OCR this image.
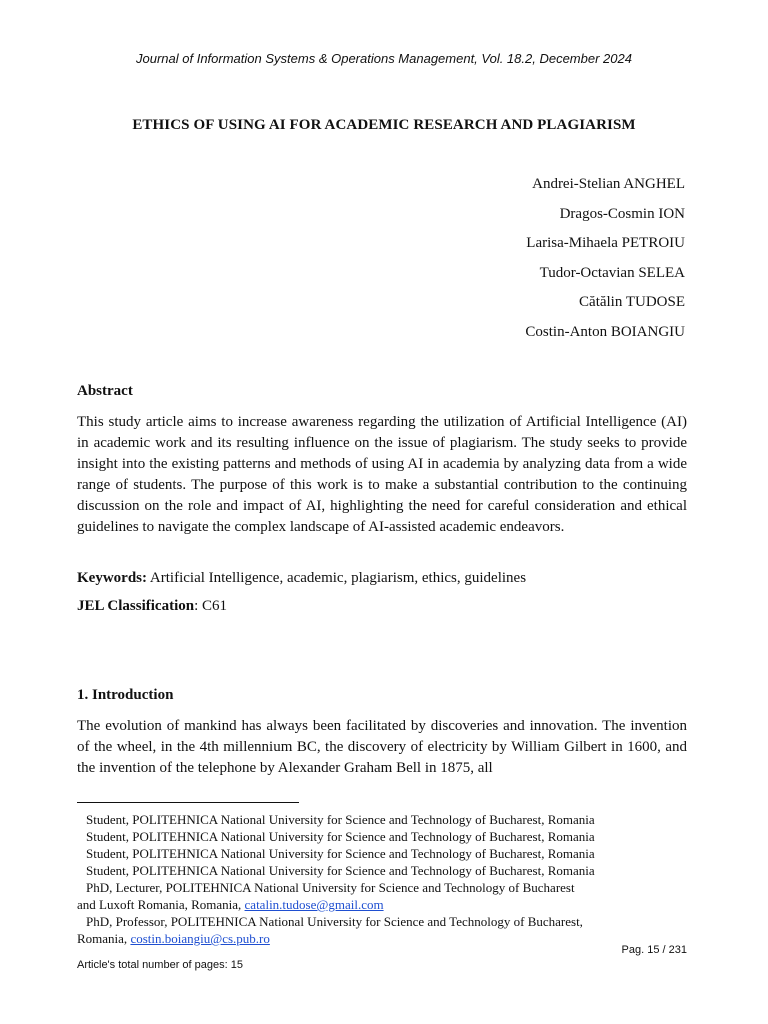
Journal of Information Systems & Operations Management, Vol. 18.2, December 2024
ETHICS OF USING AI FOR ACADEMIC RESEARCH AND PLAGIARISM
Andrei-Stelian ANGHEL
Dragos-Cosmin ION
Larisa-Mihaela PETROIU
Tudor-Octavian SELEA
Cătălin TUDOSE
Costin-Anton BOIANGIU
Abstract
This study article aims to increase awareness regarding the utilization of Artificial Intelligence (AI) in academic work and its resulting influence on the issue of plagiarism. The study seeks to provide insight into the existing patterns and methods of using AI in academia by analyzing data from a wide range of students. The purpose of this work is to make a substantial contribution to the continuing discussion on the role and impact of AI, highlighting the need for careful consideration and ethical guidelines to navigate the complex landscape of AI-assisted academic endeavors.
Keywords: Artificial Intelligence, academic, plagiarism, ethics, guidelines
JEL Classification: C61
1. Introduction
The evolution of mankind has always been facilitated by discoveries and innovation. The invention of the wheel, in the 4th millennium BC, the discovery of electricity by William Gilbert in 1600, and the invention of the telephone by Alexander Graham Bell in 1875, all
Student, POLITEHNICA National University for Science and Technology of Bucharest, Romania
Student, POLITEHNICA National University for Science and Technology of Bucharest, Romania
Student, POLITEHNICA National University for Science and Technology of Bucharest, Romania
Student, POLITEHNICA National University for Science and Technology of Bucharest, Romania
PhD, Lecturer, POLITEHNICA National University for Science and Technology of Bucharest
and Luxoft Romania, Romania, catalin.tudose@gmail.com
PhD, Professor, POLITEHNICA National University for Science and Technology of Bucharest,
Romania, costin.boiangiu@cs.pub.ro
Pag. 15 / 231
Article's total number of pages: 15
